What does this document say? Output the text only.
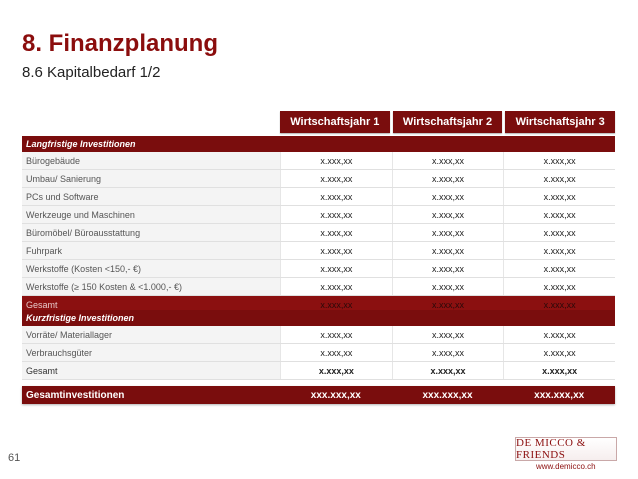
8. Finanzplanung
8.6 Kapitalbedarf 1/2
Wirtschaftsjahr 1	Wirtschaftsjahr 2	Wirtschaftsjahr 3
Langfristige Investitionen
Bürogebäude	x.xxx,xx	x.xxx,xx	x.xxx,xx
Umbau/ Sanierung	x.xxx,xx	x.xxx,xx	x.xxx,xx
PCs und Software	x.xxx,xx	x.xxx,xx	x.xxx,xx
Werkzeuge und Maschinen	x.xxx,xx	x.xxx,xx	x.xxx,xx
Büromöbel/ Büroausstattung	x.xxx,xx	x.xxx,xx	x.xxx,xx
Fuhrpark	x.xxx,xx	x.xxx,xx	x.xxx,xx
Werkstoffe (Kosten <150,- €)	x.xxx,xx	x.xxx,xx	x.xxx,xx
Werkstoffe (≥ 150 Kosten & <1.000,- €)	x.xxx,xx	x.xxx,xx	x.xxx,xx
Gesamt	x.xxx,xx	x.xxx,xx	x.xxx,xx
Kurzfristige Investitionen
Vorräte/ Materiallager	x.xxx,xx	x.xxx,xx	x.xxx,xx
Verbrauchsgüter	x.xxx,xx	x.xxx,xx	x.xxx,xx
Gesamt	x.xxx,xx	x.xxx,xx	x.xxx,xx
Gesamtinvestitionen	xxx.xxx,xx	xxx.xxx,xx	xxx.xxx,xx
61
DE MICCO & FRIENDS
www.demicco.ch
